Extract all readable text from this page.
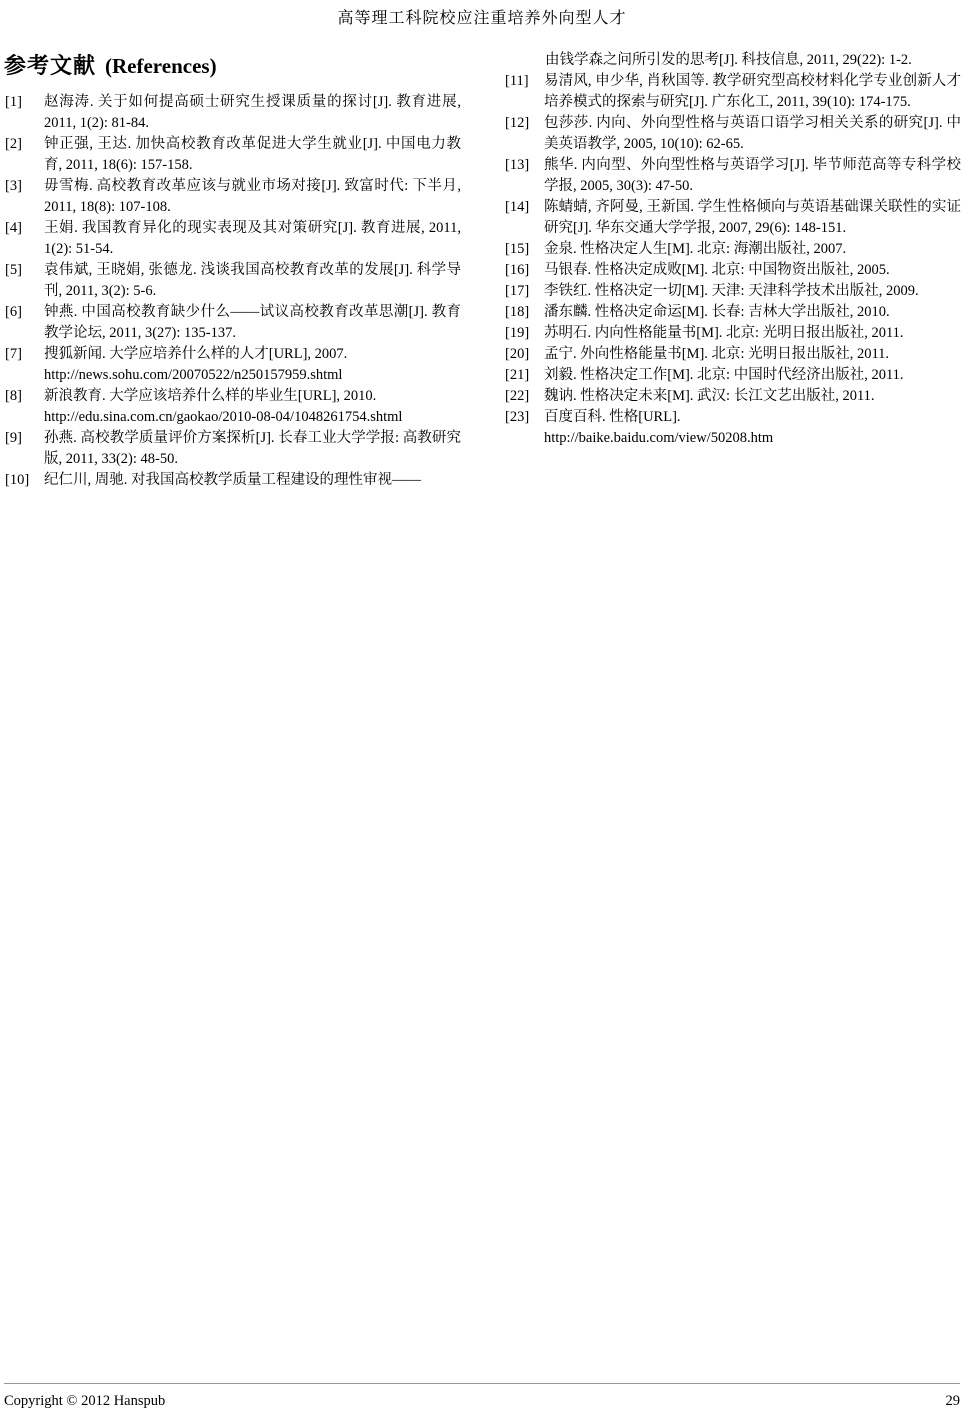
高等理工科院校应注重培养外向型人才
参考文献 (References)
[1] 赵海涛. 关于如何提高硕士研究生授课质量的探讨[J]. 教育进展, 2011, 1(2): 81-84.
[2] 钟正强, 王达. 加快高校教育改革促进大学生就业[J]. 中国电力教育, 2011, 18(6): 157-158.
[3] 毋雪梅. 高校教育改革应该与就业市场对接[J]. 致富时代: 下半月, 2011, 18(8): 107-108.
[4] 王娟. 我国教育异化的现实表现及其对策研究[J]. 教育进展, 2011, 1(2): 51-54.
[5] 袁伟斌, 王晓娟, 张德龙. 浅谈我国高校教育改革的发展[J]. 科学导刊, 2011, 3(2): 5-6.
[6] 钟燕. 中国高校教育缺少什么——试议高校教育改革思潮[J]. 教育教学论坛, 2011, 3(27): 135-137.
[7] 搜狐新闻. 大学应培养什么样的人才[URL], 2007.
http://news.sohu.com/20070522/n250157959.shtml
[8] 新浪教育. 大学应该培养什么样的毕业生[URL], 2010.
http://edu.sina.com.cn/gaokao/2010-08-04/1048261754.shtml
[9] 孙燕. 高校教学质量评价方案探析[J]. 长春工业大学学报: 高教研究版, 2011, 33(2): 48-50.
[10] 纪仁川, 周驰. 对我国高校教学质量工程建设的理性审视——

由钱学森之问所引发的思考[J]. 科技信息, 2011, 29(22): 1-2.

[11] 易清风, 申少华, 肖秋国等. 教学研究型高校材料化学专业创新人才培养模式的探索与研究[J]. 广东化工, 2011, 39(10): 174-175.
[12] 包莎莎. 内向、外向型性格与英语口语学习相关关系的研究[J]. 中美英语教学, 2005, 10(10): 62-65.
[13] 熊华. 内向型、外向型性格与英语学习[J]. 毕节师范高等专科学校学报, 2005, 30(3): 47-50.
[14] 陈蜻蜻, 齐阿曼, 王新国. 学生性格倾向与英语基础课关联性的实证研究[J]. 华东交通大学学报, 2007, 29(6): 148-151.
[15] 金泉. 性格决定人生[M]. 北京: 海潮出版社, 2007.
[16] 马银春. 性格决定成败[M]. 北京: 中国物资出版社, 2005.
[17] 李铁红. 性格决定一切[M]. 天津: 天津科学技术出版社, 2009.
[18] 潘东麟. 性格决定命运[M]. 长春: 吉林大学出版社, 2010.
[19] 苏明石. 内向性格能量书[M]. 北京: 光明日报出版社, 2011.
[20] 孟宁. 外向性格能量书[M]. 北京: 光明日报出版社, 2011.
[21] 刘毅. 性格决定工作[M]. 北京: 中国时代经济出版社, 2011.
[22] 魏讷. 性格决定未来[M]. 武汉: 长江文艺出版社, 2011.
[23] 百度百科. 性格[URL].
http://baike.baidu.com/view/50208.htm
Copyright © 2012 Hanspub	29
